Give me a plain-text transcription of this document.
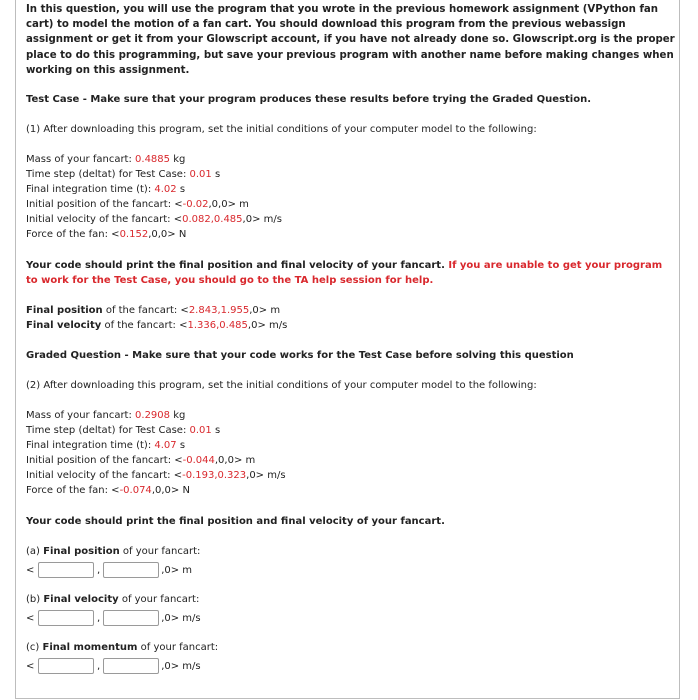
In this question, you will use the program that you wrote in the previous homework assignment (VPython fan cart) to model the motion of a fan cart. You should download this program from the previous webassign assignment or get it from your Glowscript account, if you have not already done so. Glowscript.org is the proper place to do this programming, but save your previous program with another name before making changes when working on this assignment.

Test Case - Make sure that your program produces these results before trying the Graded Question.
(1) After downloading this program, set the initial conditions of your computer model to the following:
Mass of your fancart: 0.4885 kg
Time step (deltat) for Test Case: 0.01 s
Final integration time (t): 4.02 s
Initial position of the fancart: <-0.02,0,0> m
Initial velocity of the fancart: <0.082,0.485,0> m/s
Force of the fan: <0.152,0,0> N
Your code should print the final position and final velocity of your fancart. If you are unable to get your program to work for the Test Case, you should go to the TA help session for help.
Final position of the fancart: <2.843,1.955,0> m
Final velocity of the fancart: <1.336,0.485,0> m/s
Graded Question - Make sure that your code works for the Test Case before solving this question
(2) After downloading this program, set the initial conditions of your computer model to the following:
Mass of your fancart: 0.2908 kg
Time step (deltat) for Test Case: 0.01 s
Final integration time (t): 4.07 s
Initial position of the fancart: <-0.044,0,0> m
Initial velocity of the fancart: <-0.193,0.323,0> m/s
Force of the fan: <-0.074,0,0> N
Your code should print the final position and final velocity of your fancart.
(a) Final position of your fancart:
<	,	,0> m
(b) Final velocity of your fancart:
<	,	,0> m/s
(c) Final momentum of your fancart:
<	,	,0> m/s
